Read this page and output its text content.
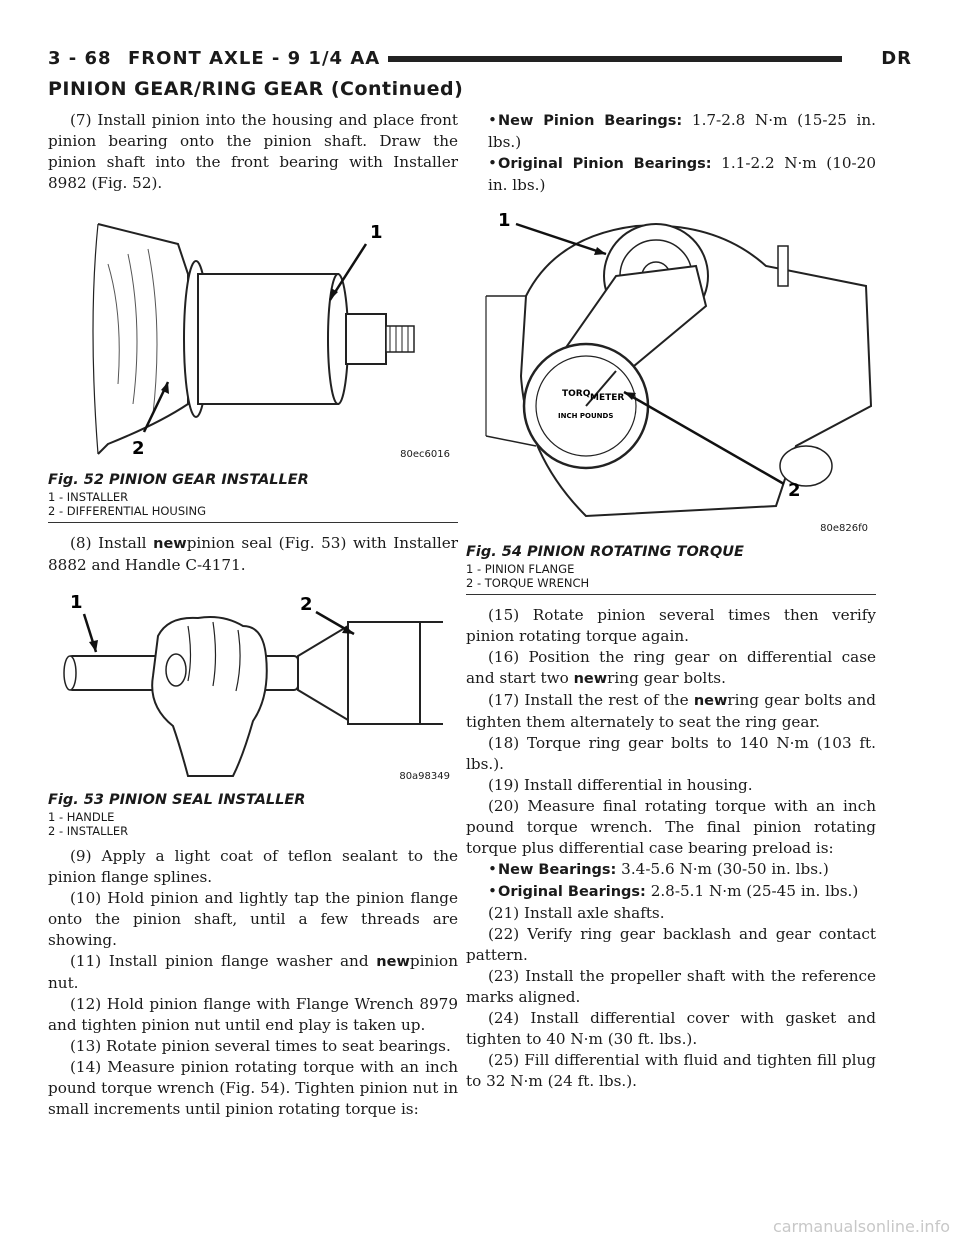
3 - 68 FRONT AXLE - 9 1/4 AA	DR
PINION GEAR/RING GEAR (Continued)

(7) Install pinion into the housing and place front pinion bearing onto the pinion shaft. Draw the pinion shaft into the front bearing with Installer 8982 (Fig. 52).

1
2	80ec6016
Fig. 52 PINION GEAR INSTALLER
1 - INSTALLER
2 - DIFFERENTIAL HOUSING

(8) Install newpinion seal (Fig. 53) with Installer 8882 and Handle C-4171.

1	2
80a98349
Fig. 53 PINION SEAL INSTALLER
1 - HANDLE
2 - INSTALLER

(9) Apply a light coat of teflon sealant to the pinion flange splines.

(10) Hold pinion and lightly tap the pinion flange onto the pinion shaft, until a few threads are showing.

(11) Install pinion flange washer and newpinion nut.

(12) Hold pinion flange with Flange Wrench 8979 and tighten pinion nut until end play is taken up.

(13) Rotate pinion several times to seat bearings.

(14) Measure pinion rotating torque with an inch pound torque wrench (Fig. 54). Tighten pinion nut in small increments until pinion rotating torque is:

•New Pinion Bearings: 1.7-2.8 N·m (15-25 in. lbs.)

•Original Pinion Bearings: 1.1-2.2 N·m (10-20 in. lbs.)

TORQ METER
INCH POUNDS
1
2
80e826f0
Fig. 54 PINION ROTATING TORQUE
1 - PINION FLANGE
2 - TORQUE WRENCH

(15) Rotate pinion several times then verify pinion rotating torque again.

(16) Position the ring gear on differential case and start two newring gear bolts.

(17) Install the rest of the newring gear bolts and tighten them alternately to seat the ring gear.

(18) Torque ring gear bolts to 140 N·m (103 ft. lbs.).

(19) Install differential in housing.

(20) Measure final rotating torque with an inch pound torque wrench. The final pinion rotating torque plus differential case bearing preload is:

•New Bearings: 3.4-5.6 N·m (30-50 in. lbs.)

•Original Bearings: 2.8-5.1 N·m (25-45 in. lbs.)

(21) Install axle shafts.

(22) Verify ring gear backlash and gear contact pattern.

(23) Install the propeller shaft with the reference marks aligned.

(24) Install differential cover with gasket and tighten to 40 N·m (30 ft. lbs.).

(25) Fill differential with fluid and tighten fill plug to 32 N·m (24 ft. lbs.).

carmanualsonline.info
